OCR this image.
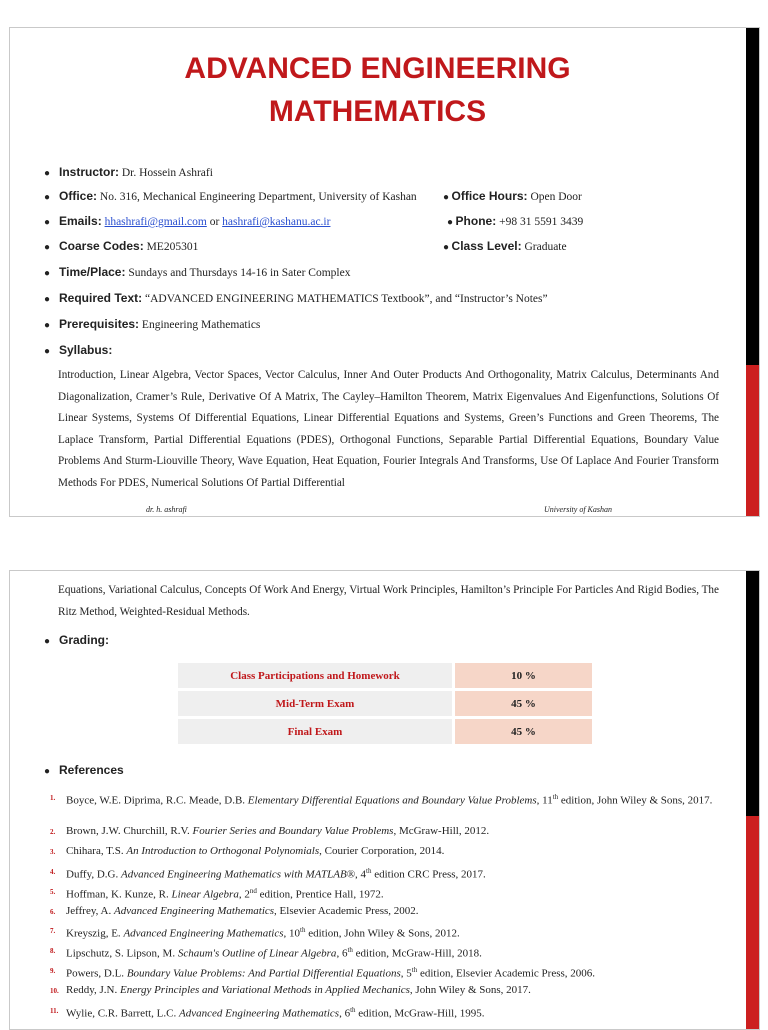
ADVANCED ENGINEERING
MATHEMATICS
● Instructor: Dr. Hossein Ashrafi
● Office: No. 316, Mechanical Engineering Department, University of Kashan	● Office Hours: Open Door
● Emails: hhashrafi@gmail.com or hashrafi@kashanu.ac.ir	● Phone: +98 31 5591 3439
● Coarse Codes: ME205301	● Class Level: Graduate
● Time/Place: Sundays and Thursdays 14-16 in Sater Complex
● Required Text: “ADVANCED ENGINEERING MATHEMATICS Textbook”, and “Instructor’s Notes”
● Prerequisites: Engineering Mathematics
● Syllabus:
Introduction, Linear Algebra, Vector Spaces, Vector Calculus, Inner And Outer Products And Orthogonality, Matrix Calculus, Determinants And Diagonalization, Cramer’s Rule, Derivative Of A Matrix, The Cayley–Hamilton Theorem, Matrix Eigenvalues And Eigenfunctions, Solutions Of Linear Systems, Systems Of Differential Equations, Linear Differential Equations and Systems, Green’s Functions and Green Theorems, The Laplace Transform, Partial Differential Equations (PDES), Orthogonal Functions, Separable Partial Differential Equations, Boundary Value Problems And Sturm-Liouville Theory, Wave Equation, Heat Equation, Fourier Integrals And Transforms, Use Of Laplace And Fourier Transform Methods For PDES, Numerical Solutions Of Partial Differential
dr. h. ashrafi	University of Kashan
Equations, Variational Calculus, Concepts Of Work And Energy, Virtual Work Principles, Hamilton’s Principle For Particles And Rigid Bodies, The Ritz Method, Weighted-Residual Methods.
● Grading:
Class Participations and Homework	10 %
Mid-Term Exam	45 %
Final Exam	45 %
● References
1. Boyce, W.E. Diprima, R.C. Meade, D.B. Elementary Differential Equations and Boundary Value Problems, 11th edition, John Wiley & Sons, 2017.
2. Brown, J.W. Churchill, R.V. Fourier Series and Boundary Value Problems, McGraw-Hill, 2012.
3. Chihara, T.S. An Introduction to Orthogonal Polynomials, Courier Corporation, 2014.
4. Duffy, D.G. Advanced Engineering Mathematics with MATLAB®, 4th edition CRC Press, 2017.
5. Hoffman, K. Kunze, R. Linear Algebra, 2nd edition, Prentice Hall, 1972.
6. Jeffrey, A. Advanced Engineering Mathematics, Elsevier Academic Press, 2002.
7. Kreyszig, E. Advanced Engineering Mathematics, 10th edition, John Wiley & Sons, 2012.
8. Lipschutz, S. Lipson, M. Schaum's Outline of Linear Algebra, 6th edition, McGraw-Hill, 2018.
9. Powers, D.L. Boundary Value Problems: And Partial Differential Equations, 5th edition, Elsevier Academic Press, 2006.
10. Reddy, J.N. Energy Principles and Variational Methods in Applied Mechanics, John Wiley & Sons, 2017.
11. Wylie, C.R. Barrett, L.C. Advanced Engineering Mathematics, 6th edition, McGraw-Hill, 1995.
